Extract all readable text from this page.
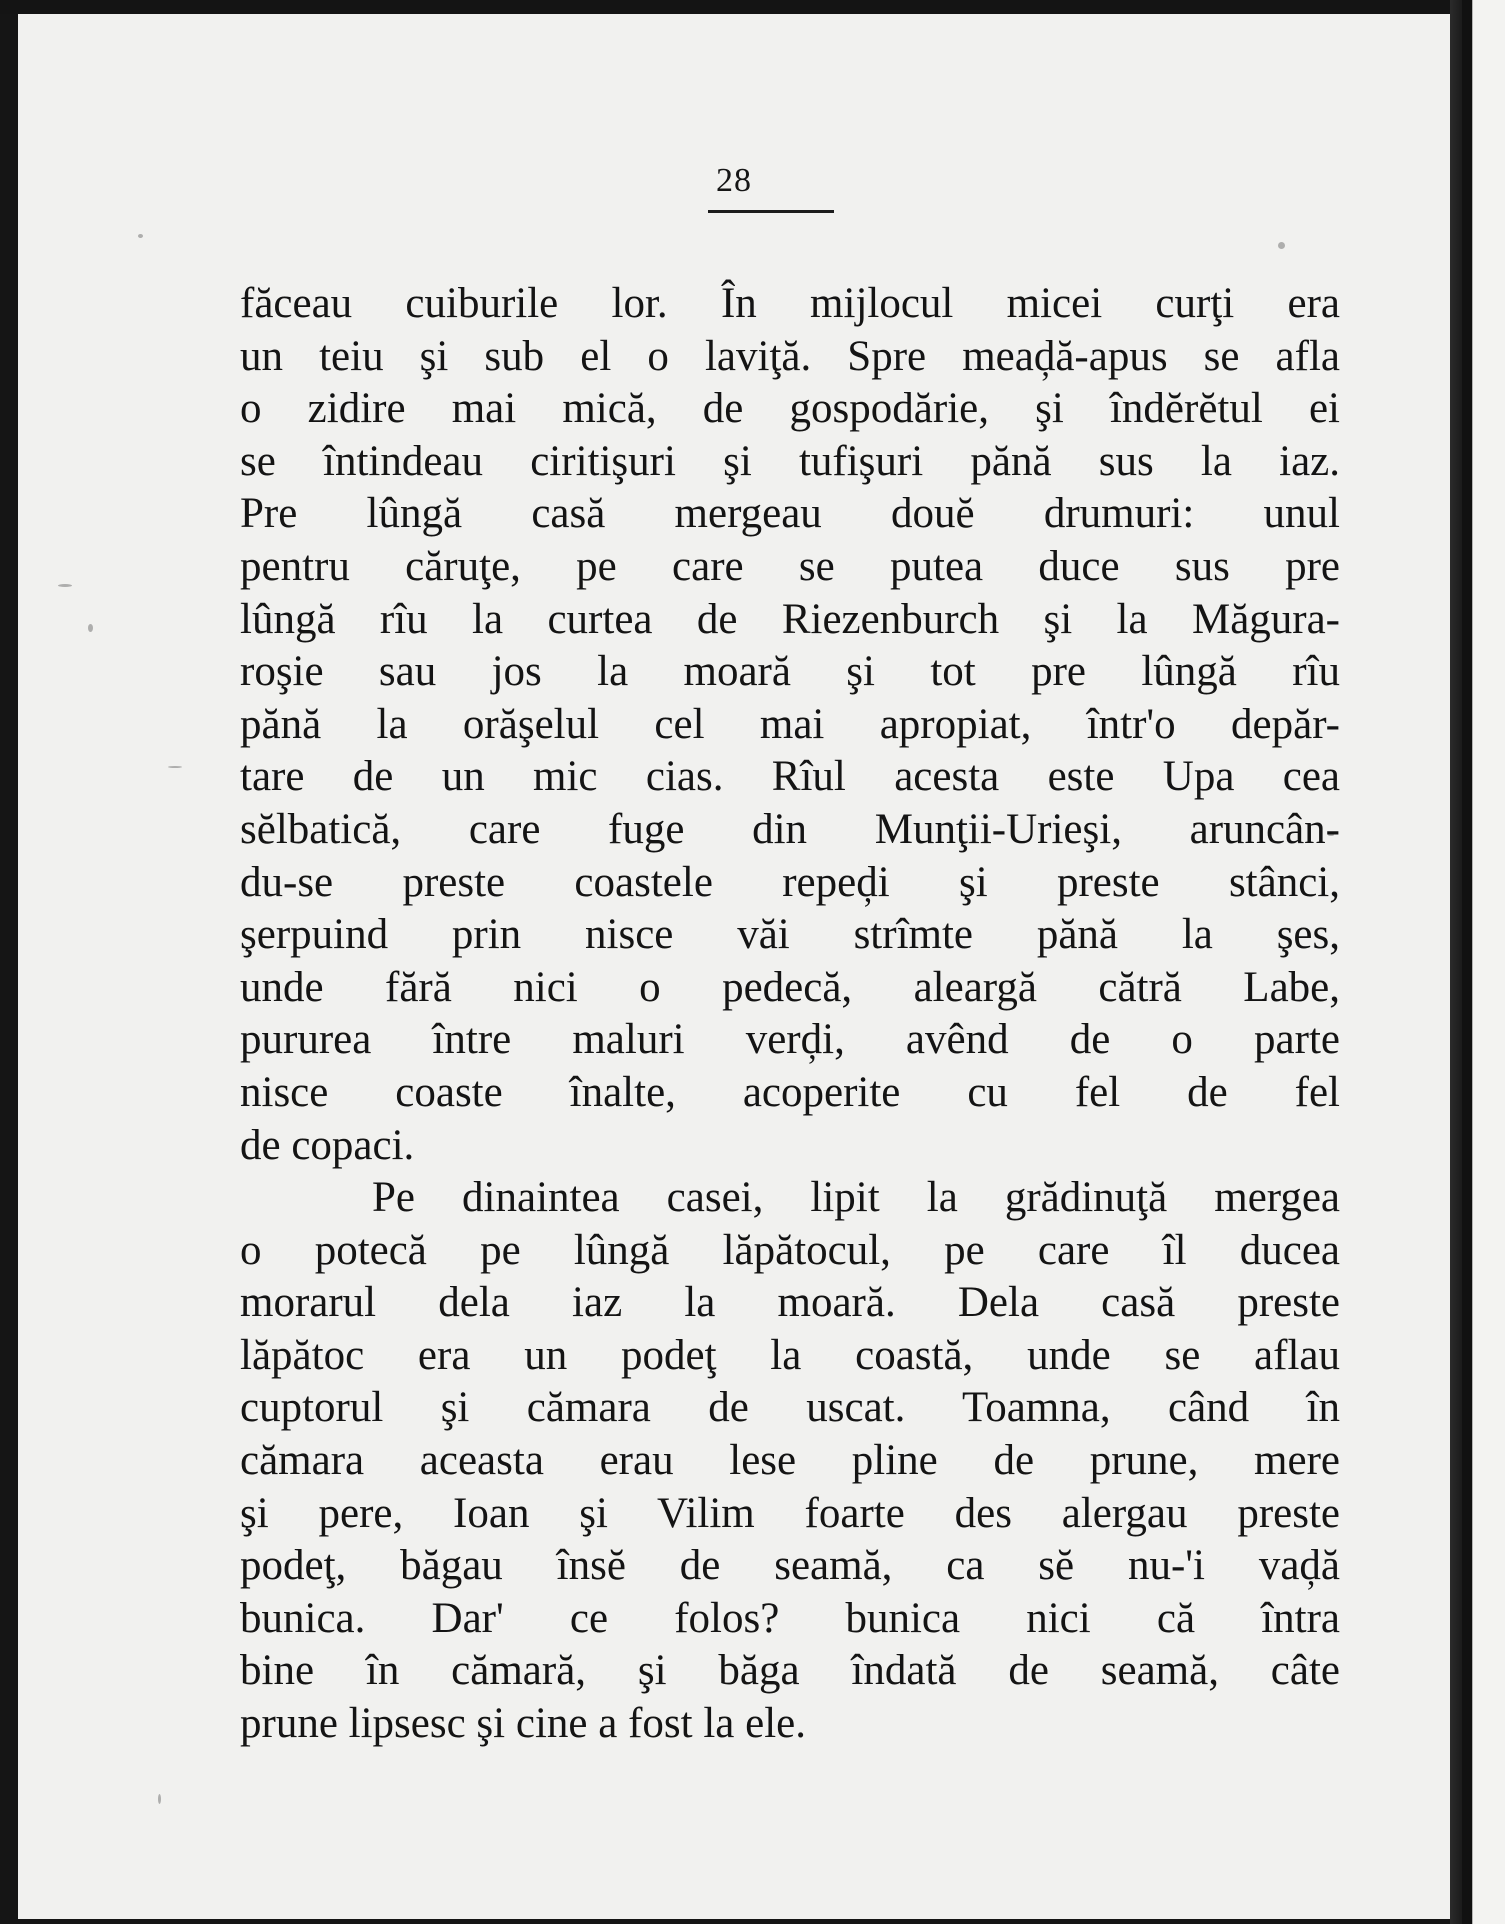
28
făceau cuiburile lor. În mijlocul micei curţi era
un teiu şi sub el o laviţă. Spre meaḑă-apus se afla
o zidire mai mică, de gospodărie, şi îndĕrĕtul ei
se întindeau ciritişuri şi tufişuri pănă sus la iaz.
Pre lûngă casă mergeau douĕ drumuri: unul
pentru căruţe, pe care se putea duce sus pre
lûngă rîu la curtea de Riezenburch şi la Măgura-
roşie sau jos la moară şi tot pre lûngă rîu
pănă la orăşelul cel mai apropiat, într'o depăr-
tare de un mic cias. Rîul acesta este Upa cea
sĕlbatică, care fuge din Munţii-Urieşi, aruncân-
du-se preste coastele repeḑi şi preste stânci,
şerpuind prin nisce văi strîmte pănă la şes,
unde fără nici o pedecă, aleargă cătră Labe,
pururea între maluri verḑi, avênd de o parte
nisce coaste înalte, acoperite cu fel de fel
de copaci.
Pe dinaintea casei, lipit la grădinuţă mergea
o potecă pe lûngă lăpătocul, pe care îl ducea
morarul dela iaz la moară. Dela casă preste
lăpătoc era un podeţ la coastă, unde se aflau
cuptorul şi cămara de uscat. Toamna, când în
cămara aceasta erau lese pline de prune, mere
şi pere, Ioan şi Vilim foarte des alergau preste
podeţ, băgau însĕ de seamă, ca sĕ nu-'i vaḑă
bunica. Dar' ce folos? bunica nici că întra
bine în cămară, şi băga îndată de seamă, câte
prune lipsesc şi cine a fost la ele.
